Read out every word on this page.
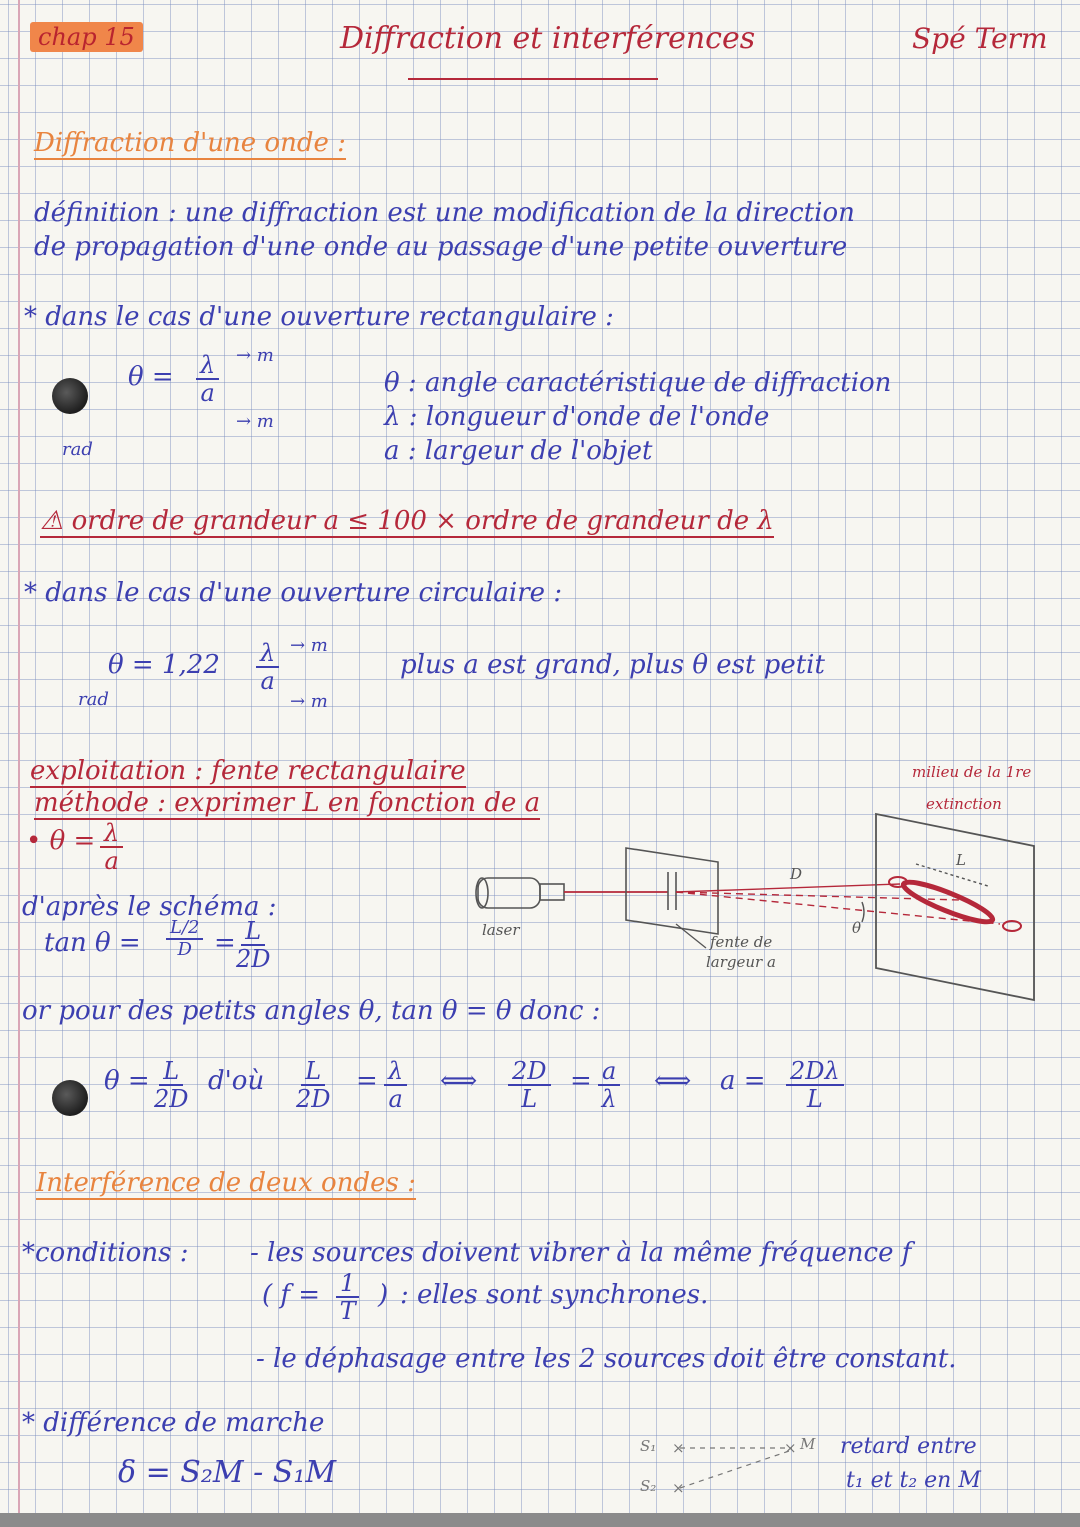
chap 15	Diffraction et interférences	Spé Term
Diffraction d'une onde :
définition : une diffraction est une modification de la direction
de propagation d'une onde au passage d'une petite ouverture
* dans le cas d'une ouverture rectangulaire :
$\theta = \frac{\lambda}{a} \to m$
→ m
rad
θ : angle caractéristique de diffraction
λ : longueur d'onde de l'onde
a : largeur de l'objet
⚠ ordre de grandeur a ≤ 100 × ordre de grandeur de λ
* dans le cas d'une ouverture circulaire :
$\theta = 1,22 \frac{\lambda}{a} \to m$
→ m
rad
plus a est grand, plus θ est petit
exploitation : fente rectangulaire
méthode : exprimer L en fonction de a
• $\theta = \frac{\lambda}{a}$
d'après le schéma :
$\tan \theta = \frac{L/2}{D} = \frac{L}{2D}$
or pour des petits angles θ, tan θ = θ donc :
$\theta = \frac{L}{2D}$ d'où $\frac{L}{2D} = \frac{\lambda}{a}$ ⟺ $\frac{2D}{L} = \frac{a}{\lambda}$ ⟺ $a = \frac{2D\lambda}{L}$
laser
fente de
largeur a
D
L
θ
milieu de la 1re
extinction
Interférence de deux ondes :
*conditions : - les sources doivent vibrer à la même fréquence f
( $f = \frac{1}{T}$ ) : elles sont synchrones.
- le déphasage entre les 2 sources doit être constant.
* différence de marche
δ = S₂M - S₁M
S₁
S₂
×
×
× M retard entre
t₁ et t₂ en M
